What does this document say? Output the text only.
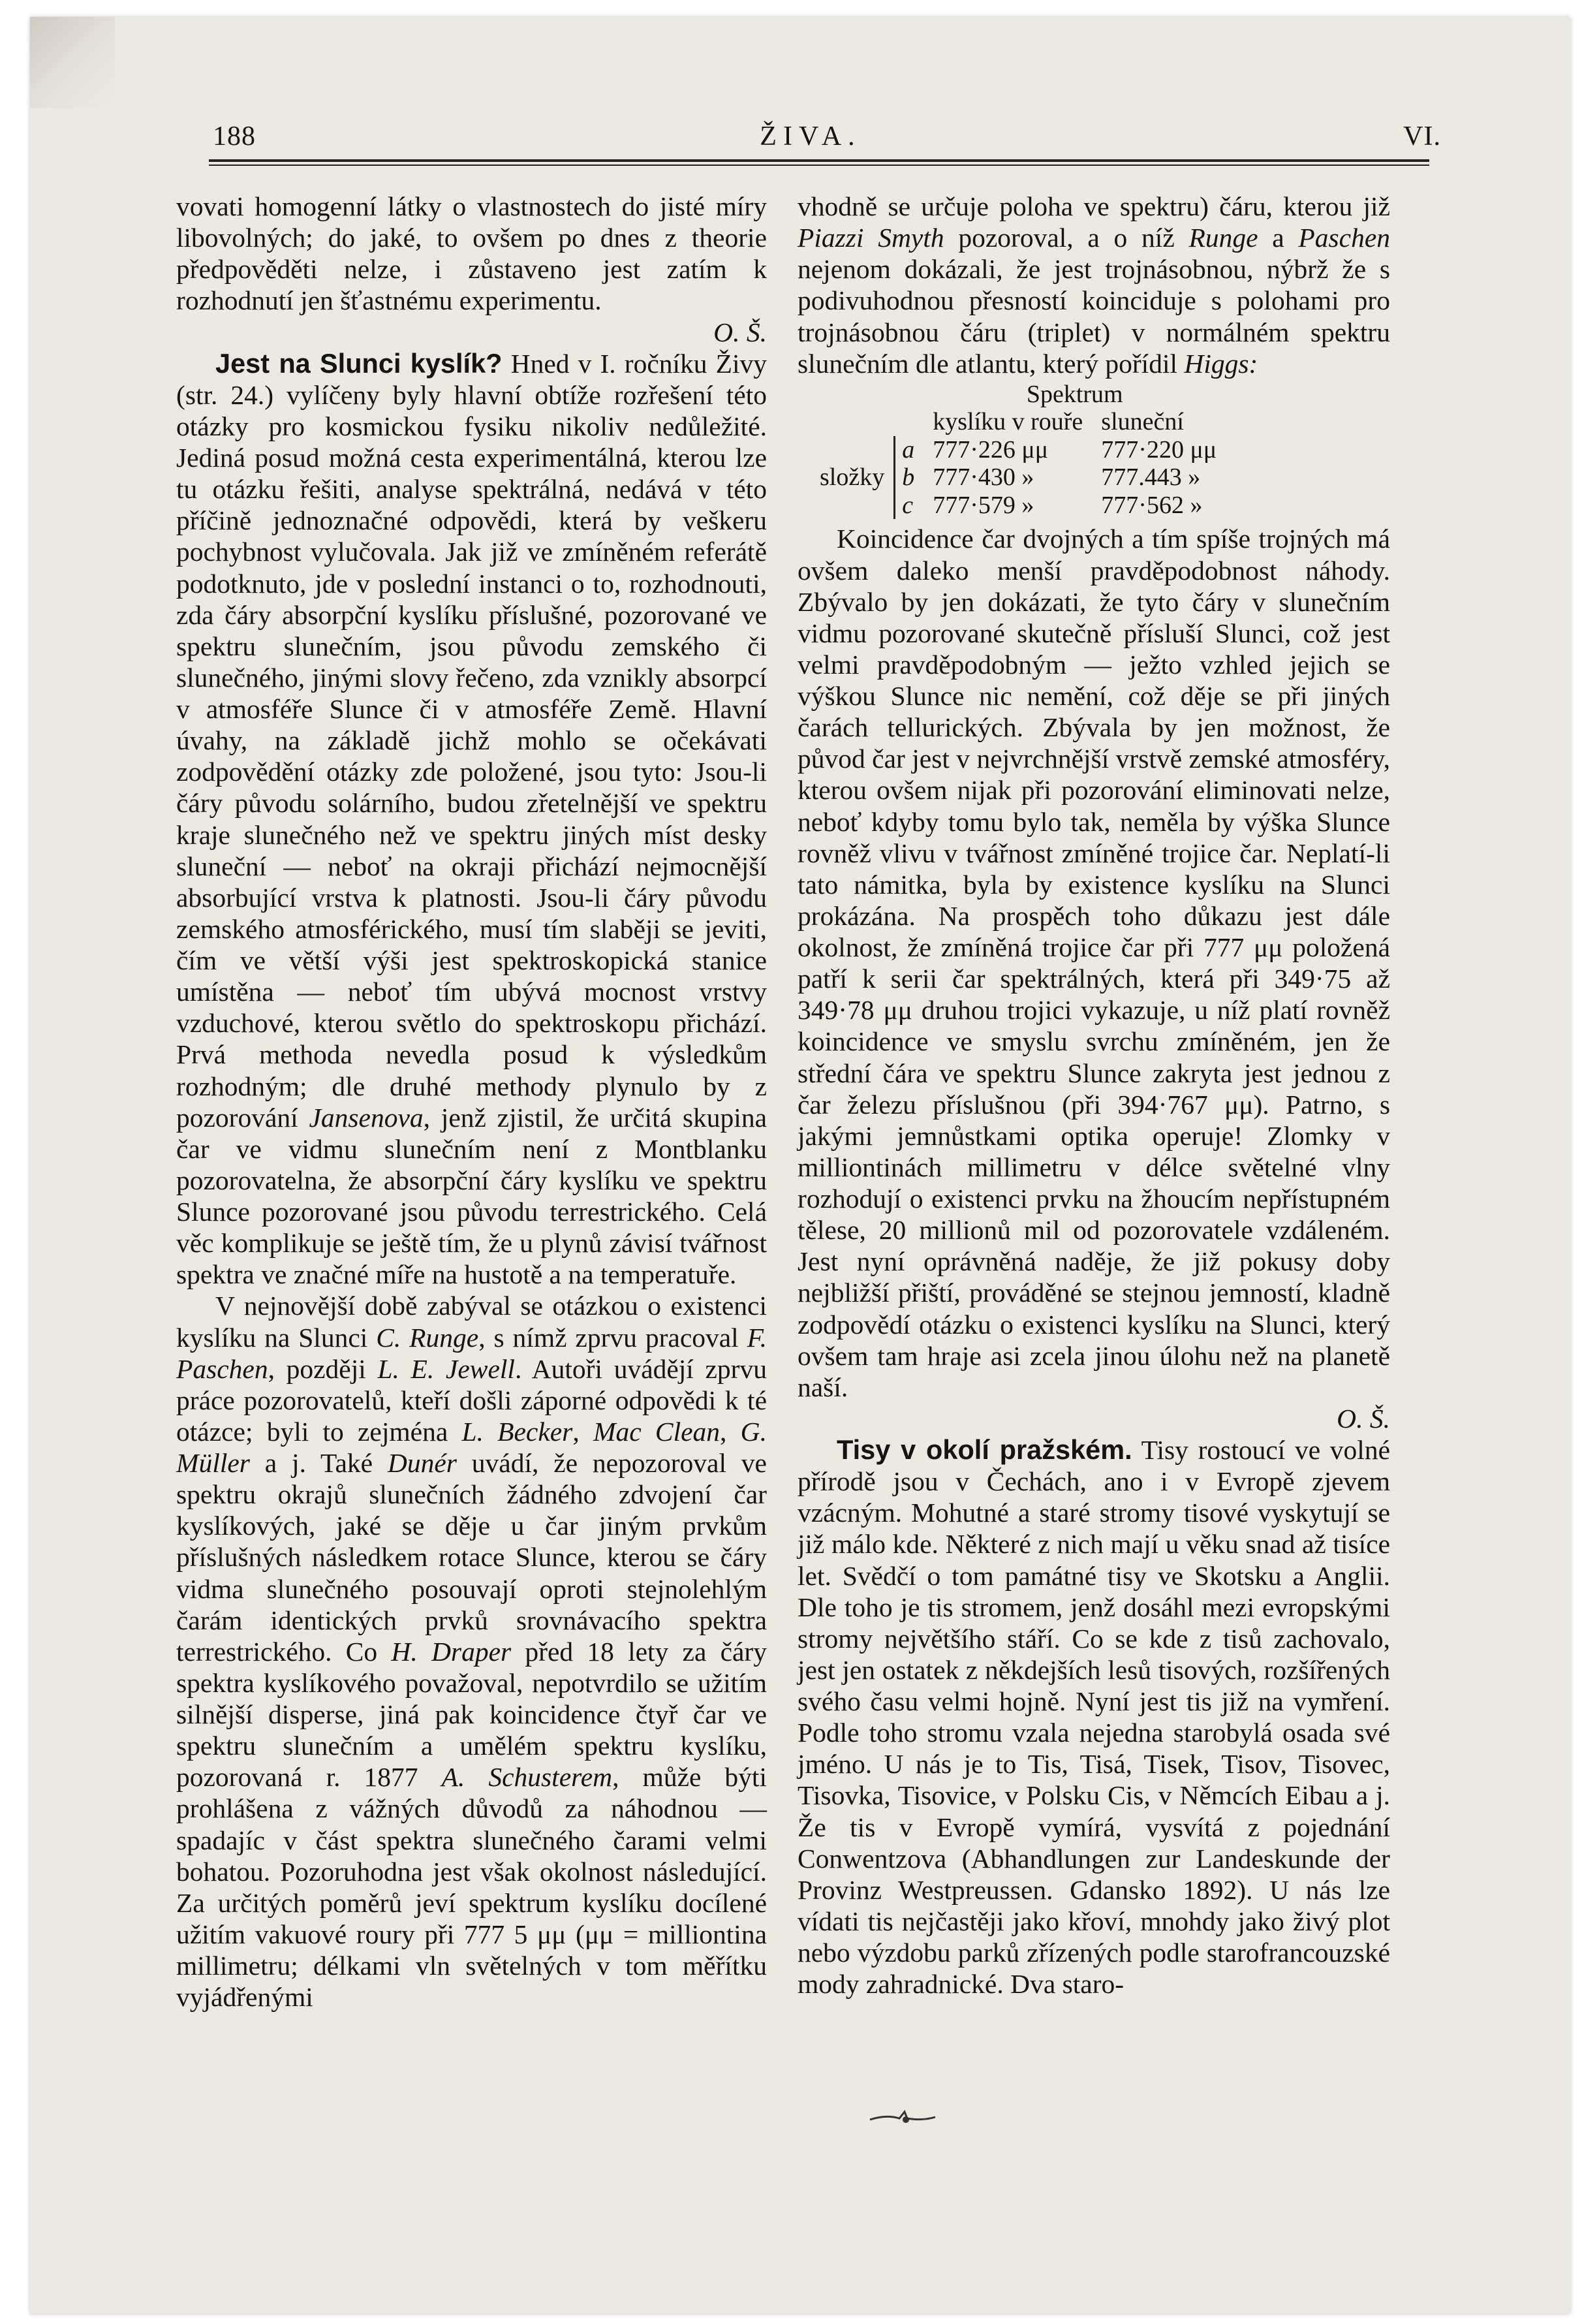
188	ŽIVA.	VI.

vovati homogenní látky o vlastnostech do jisté míry libovolných; do jaké, to ovšem po dnes z theorie předpověděti nelze, i zůstaveno jest zatím k rozhodnutí jen šťastnému experimentu.

O. Š.

Jest na Slunci kyslík? Hned v I. ročníku Živy (str. 24.) vylíčeny byly hlavní obtíže rozřešení této otázky pro kosmickou fysiku nikoliv nedůležité. Jediná posud možná cesta experimentálná, kterou lze tu otázku řešiti, analyse spektrálná, nedává v této příčině jednoznačné odpovědi, která by veškeru pochybnost vylučovala. Jak již ve zmíněném referátě podotknuto, jde v poslední instanci o to, rozhodnouti, zda čáry absorpční kyslíku příslušné, pozorované ve spektru slunečním, jsou původu zemského či slunečného, jinými slovy řečeno, zda vznikly absorpcí v atmosféře Slunce či v atmosféře Země. Hlavní úvahy, na základě jichž mohlo se očekávati zodpovědění otázky zde položené, jsou tyto: Jsou-li čáry původu solárního, budou zřetelnější ve spektru kraje slunečného než ve spektru jiných míst desky sluneční — neboť na okraji přichází nejmocnější absorbující vrstva k platnosti. Jsou-li čáry původu zemského atmosférického, musí tím slaběji se jeviti, čím ve větší výši jest spektroskopická stanice umístěna — neboť tím ubývá mocnost vrstvy vzduchové, kterou světlo do spektroskopu přichází. Prvá methoda nevedla posud k výsledkům rozhodným; dle druhé methody plynulo by z pozorování Jansenova, jenž zjistil, že určitá skupina čar ve vidmu slunečním není z Montblanku pozorovatelna, že absorpční čáry kyslíku ve spektru Slunce pozorované jsou původu terrestrického. Celá věc komplikuje se ještě tím, že u plynů závisí tvářnost spektra ve značné míře na hustotě a na temperatuře.

V nejnovější době zabýval se otázkou o existenci kyslíku na Slunci C. Runge, s nímž zprvu pracoval F. Paschen, později L. E. Jewell. Autoři uvádějí zprvu práce pozorovatelů, kteří došli záporné odpovědi k té otázce; byli to zejména L. Becker, Mac Clean, G. Müller a j. Také Dunér uvádí, že nepozoroval ve spektru okrajů slunečních žádného zdvojení čar kyslíkových, jaké se děje u čar jiným prvkům příslušných následkem rotace Slunce, kterou se čáry vidma slunečného posouvají oproti stejnolehlým čarám identických prvků srovnávacího spektra terrestrického. Co H. Draper před 18 lety za čáry spektra kyslíkového považoval, nepotvrdilo se užitím silnější disperse, jiná pak koincidence čtyř čar ve spektru slunečním a umělém spektru kyslíku, pozorovaná r. 1877 A. Schusterem, může býti prohlášena z vážných důvodů za náhodnou — spadajíc v část spektra slunečného čarami velmi bohatou. Pozoruhodna jest však okolnost následující. Za určitých poměrů jeví spektrum kyslíku docílené užitím vakuové roury při 777 5 μμ (μμ = milliontina millimetru; délkami vln světelných v tom měřítku vyjádřenými

vhodně se určuje poloha ve spektru) čáru, kterou již Piazzi Smyth pozoroval, a o níž Runge a Paschen nejenom dokázali, že jest trojnásobnou, nýbrž že s podivuhodnou přesností koinciduje s polohami pro trojnásobnou čáru (triplet) v normálném spektru slunečním dle atlantu, který pořídil Higgs:

		Spektrum	
		kyslíku v rouře	sluneční
složky	a	777·226 μμ	777·220 μμ
	b	777·430 »	777.443 »
	c	777·579 »	777·562 »

Koincidence čar dvojných a tím spíše trojných má ovšem daleko menší pravděpodobnost náhody. Zbývalo by jen dokázati, že tyto čáry v slunečním vidmu pozorované skutečně přísluší Slunci, což jest velmi pravděpodobným — ježto vzhled jejich se výškou Slunce nic nemění, což děje se při jiných čarách tellurických. Zbývala by jen možnost, že původ čar jest v nejvrchnější vrstvě zemské atmosféry, kterou ovšem nijak při pozorování eliminovati nelze, neboť kdyby tomu bylo tak, neměla by výška Slunce rovněž vlivu v tvářnost zmíněné trojice čar. Neplatí-li tato námitka, byla by existence kyslíku na Slunci prokázána. Na prospěch toho důkazu jest dále okolnost, že zmíněná trojice čar při 777 μμ položená patří k serii čar spektrálných, která při 349·75 až 349·78 μμ druhou trojici vykazuje, u níž platí rovněž koincidence ve smyslu svrchu zmíněném, jen že střední čára ve spektru Slunce zakryta jest jednou z čar železu příslušnou (při 394·767 μμ). Patrno, s jakými jemnůstkami optika operuje! Zlomky v milliontinách millimetru v délce světelné vlny rozhodují o existenci prvku na žhoucím nepřístupném tělese, 20 millionů mil od pozorovatele vzdáleném. Jest nyní oprávněná naděje, že již pokusy doby nejbližší přiští, prováděné se stejnou jemností, kladně zodpovědí otázku o existenci kyslíku na Slunci, který ovšem tam hraje asi zcela jinou úlohu než na planetě naší.

O. Š.

Tisy v okolí pražském. Tisy rostoucí ve volné přírodě jsou v Čechách, ano i v Evropě zjevem vzácným. Mohutné a staré stromy tisové vyskytují se již málo kde. Některé z nich mají u věku snad až tisíce let. Svědčí o tom památné tisy ve Skotsku a Anglii. Dle toho je tis stromem, jenž dosáhl mezi evropskými stromy největšího stáří. Co se kde z tisů zachovalo, jest jen ostatek z někdejších lesů tisových, rozšířených svého času velmi hojně. Nyní jest tis již na vymření. Podle toho stromu vzala nejedna starobylá osada své jméno. U nás je to Tis, Tisá, Tisek, Tisov, Tisovec, Tisovka, Tisovice, v Polsku Cis, v Němcích Eibau a j. Že tis v Evropě vymírá, vysvítá z pojednání Conwentzova (Abhandlungen zur Landeskunde der Provinz Westpreussen. Gdansko 1892). U nás lze vídati tis nejčastěji jako křoví, mnohdy jako živý plot nebo výzdobu parků zřízených podle starofrancouzské mody zahradnické. Dva staro-
